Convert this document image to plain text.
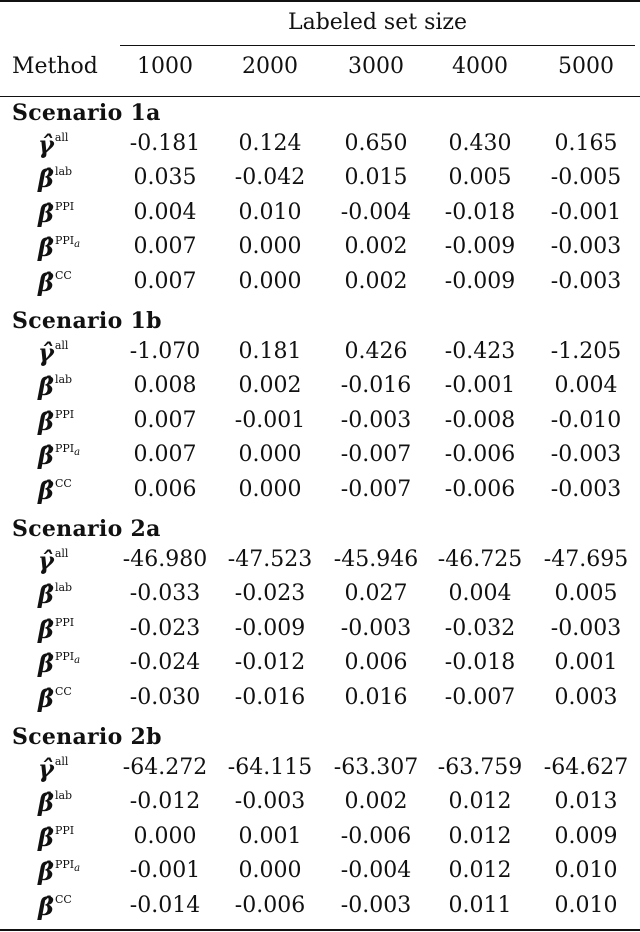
Labeled set size
Method	1000	2000	3000	4000	5000
Scenario 1a
γ̂$^{all}$	-0.181	0.124	0.650	0.430	0.165
β̂$^{lab}$	0.035	-0.042	0.015	0.005	-0.005
β̂$^{PPI}$	0.004	0.010	-0.004	-0.018	-0.001
β̂$^{PPIa}$	0.007	0.000	0.002	-0.009	-0.003
β̂$^{CC}$	0.007	0.000	0.002	-0.009	-0.003
Scenario 1b
γ̂$^{all}$	-1.070	0.181	0.426	-0.423	-1.205
β̂$^{lab}$	0.008	0.002	-0.016	-0.001	0.004
β̂$^{PPI}$	0.007	-0.001	-0.003	-0.008	-0.010
β̂$^{PPIa}$	0.007	0.000	-0.007	-0.006	-0.003
β̂$^{CC}$	0.006	0.000	-0.007	-0.006	-0.003
Scenario 2a
γ̂$^{all}$	-46.980 -47.523 -45.946 -46.725 -47.695
β̂$^{lab}$	-0.033	-0.023	0.027	0.004	0.005
β̂$^{PPI}$	-0.023	-0.009	-0.003	-0.032	-0.003
β̂$^{PPIa}$	-0.024	-0.012	0.006	-0.018	0.001
β̂$^{CC}$	-0.030	-0.016	0.016	-0.007	0.003
Scenario 2b
γ̂$^{all}$	-64.272 -64.115 -63.307 -63.759 -64.627
β̂$^{lab}$	-0.012	-0.003	0.002	0.012	0.013
β̂$^{PPI}$	0.000	0.001	-0.006	0.012	0.009
β̂$^{PPIa}$	-0.001	0.000	-0.004	0.012	0.010
β̂$^{CC}$	-0.014	-0.006	-0.003	0.011	0.010
